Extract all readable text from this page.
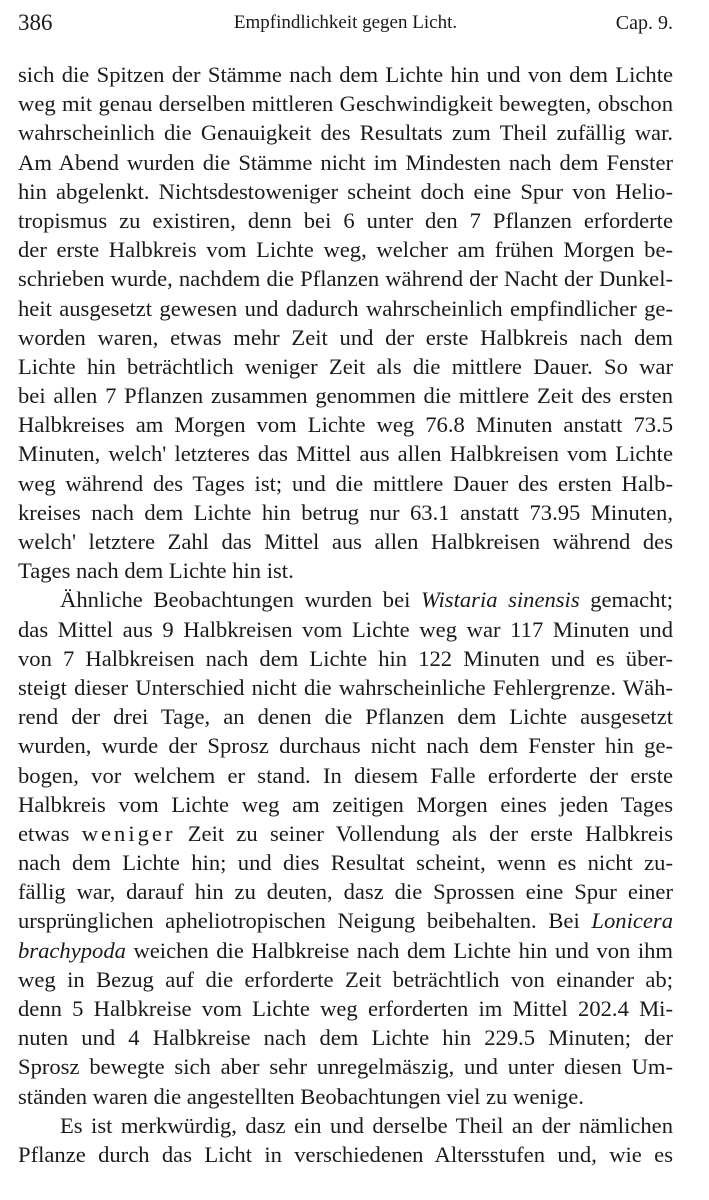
386	Empfindlichkeit gegen Licht.	Cap. 9.
sich die Spitzen der Stämme nach dem Lichte hin und von dem Lichte
weg mit genau derselben mittleren Geschwindigkeit bewegten, obschon
wahrscheinlich die Genauigkeit des Resultats zum Theil zufällig war.
Am Abend wurden die Stämme nicht im Mindesten nach dem Fenster
hin abgelenkt. Nichtsdestoweniger scheint doch eine Spur von Helio-
tropismus zu existiren, denn bei 6 unter den 7 Pflanzen erforderte
der erste Halbkreis vom Lichte weg, welcher am frühen Morgen be-
schrieben wurde, nachdem die Pflanzen während der Nacht der Dunkel-
heit ausgesetzt gewesen und dadurch wahrscheinlich empfindlicher ge-
worden waren, etwas mehr Zeit und der erste Halbkreis nach dem
Lichte hin beträchtlich weniger Zeit als die mittlere Dauer. So war
bei allen 7 Pflanzen zusammen genommen die mittlere Zeit des ersten
Halbkreises am Morgen vom Lichte weg 76.8 Minuten anstatt 73.5
Minuten, welch' letzteres das Mittel aus allen Halbkreisen vom Lichte
weg während des Tages ist; und die mittlere Dauer des ersten Halb-
kreises nach dem Lichte hin betrug nur 63.1 anstatt 73.95 Minuten,
welch' letztere Zahl das Mittel aus allen Halbkreisen während des
Tages nach dem Lichte hin ist.
Ähnliche Beobachtungen wurden bei Wistaria sinensis gemacht;
das Mittel aus 9 Halbkreisen vom Lichte weg war 117 Minuten und
von 7 Halbkreisen nach dem Lichte hin 122 Minuten und es über-
steigt dieser Unterschied nicht die wahrscheinliche Fehlergrenze. Wäh-
rend der drei Tage, an denen die Pflanzen dem Lichte ausgesetzt
wurden, wurde der Sprosz durchaus nicht nach dem Fenster hin ge-
bogen, vor welchem er stand. In diesem Falle erforderte der erste
Halbkreis vom Lichte weg am zeitigen Morgen eines jeden Tages
etwas weniger Zeit zu seiner Vollendung als der erste Halbkreis
nach dem Lichte hin; und dies Resultat scheint, wenn es nicht zu-
fällig war, darauf hin zu deuten, dasz die Sprossen eine Spur einer
ursprünglichen apheliotropischen Neigung beibehalten. Bei Lonicera
brachypoda weichen die Halbkreise nach dem Lichte hin und von ihm
weg in Bezug auf die erforderte Zeit beträchtlich von einander ab;
denn 5 Halbkreise vom Lichte weg erforderten im Mittel 202.4 Mi-
nuten und 4 Halbkreise nach dem Lichte hin 229.5 Minuten; der
Sprosz bewegte sich aber sehr unregelmäszig, und unter diesen Um-
ständen waren die angestellten Beobachtungen viel zu wenige.
Es ist merkwürdig, dasz ein und derselbe Theil an der nämlichen
Pflanze durch das Licht in verschiedenen Altersstufen und, wie es
